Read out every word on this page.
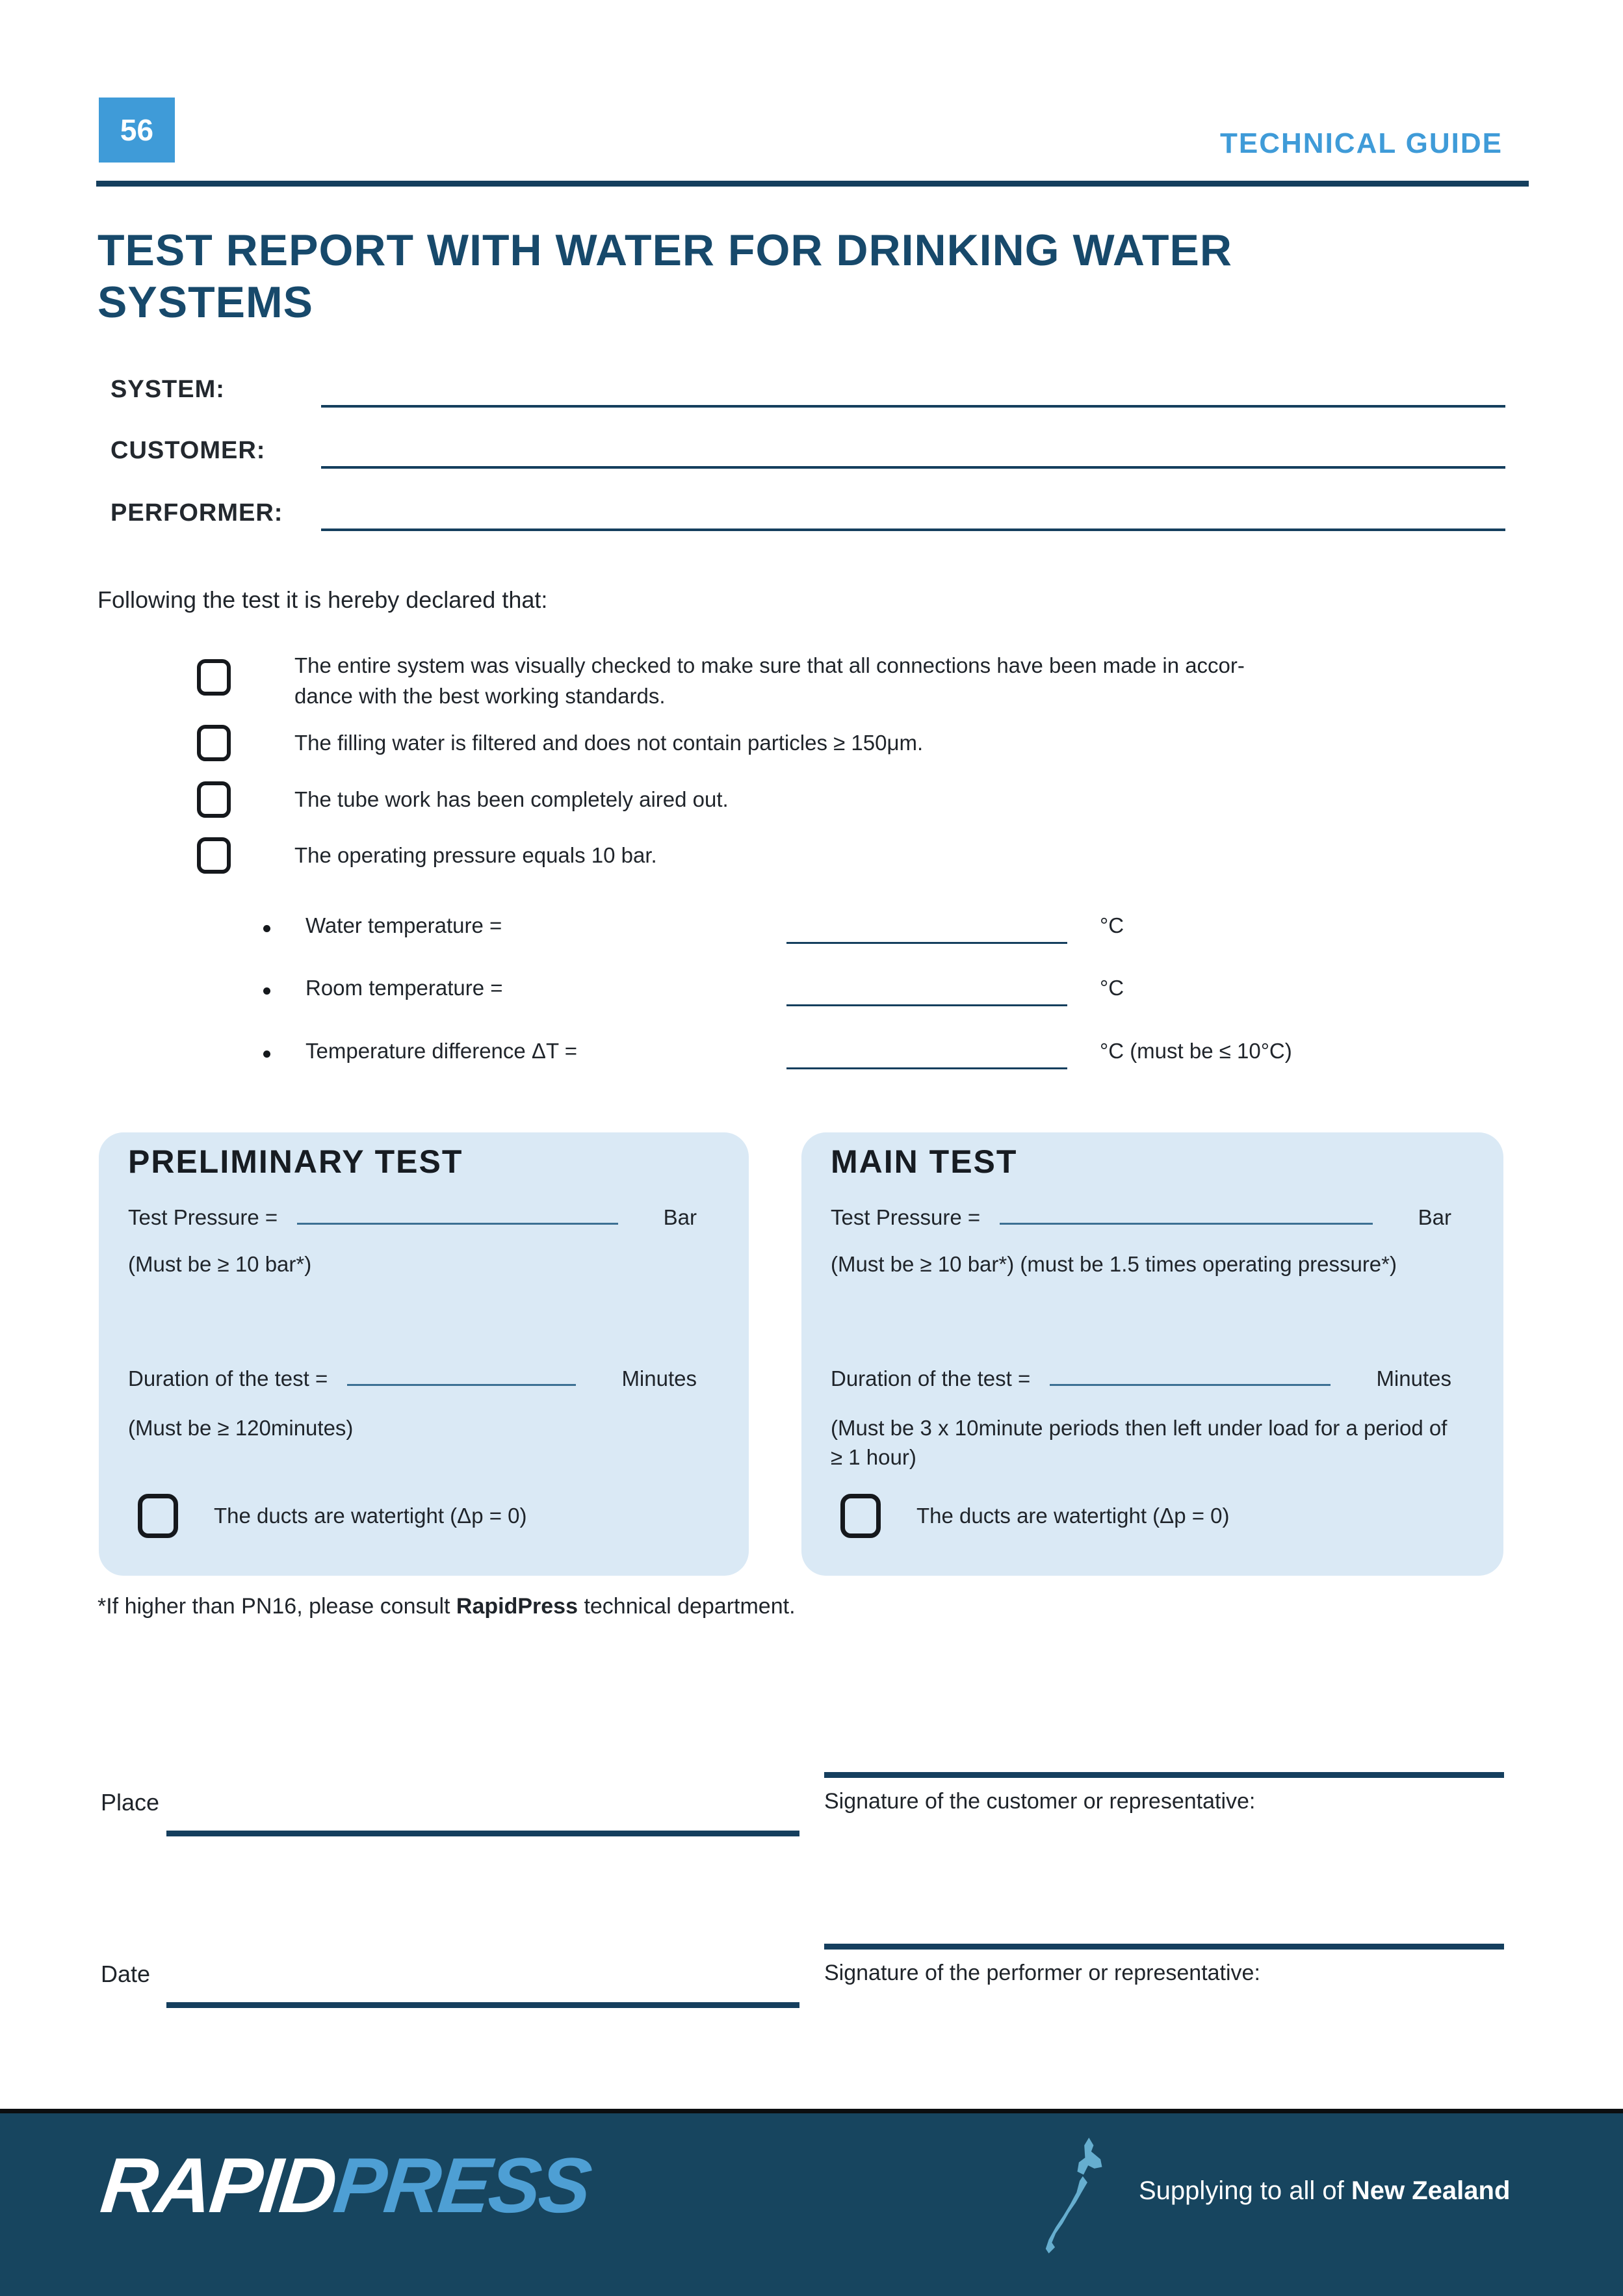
56	TECHNICAL GUIDE
TEST REPORT WITH WATER FOR DRINKING WATER
SYSTEMS
SYSTEM:
CUSTOMER:
PERFORMER:
Following the test it is hereby declared that:
The entire system was visually checked to make sure that all connections have been made in accor-
dance with the best working standards.
The filling water is filtered and does not contain particles ≥ 150μm.
The tube work has been completely aired out.
The operating pressure equals 10 bar.
Water temperature =	°C
Room temperature =	°C
Temperature difference ΔT =	°C (must be ≤ 10°C)
PRELIMINARY TEST
Test Pressure =	Bar
(Must be ≥ 10 bar*)
Duration of the test =	Minutes
(Must be ≥ 120minutes)
The ducts are watertight (Δp = 0)
MAIN TEST
Test Pressure =	Bar
(Must be ≥ 10 bar*) (must be 1.5 times operating pressure*)
Duration of the test =	Minutes
(Must be 3 x 10minute periods then left under load for a period of ≥ 1 hour)
The ducts are watertight (Δp = 0)
*If higher than PN16, please consult RapidPress technical department.
Place	Signature of the customer or representative:
Date	Signature of the performer or representative:
RAPIDPRESS	Supplying to all of New Zealand
